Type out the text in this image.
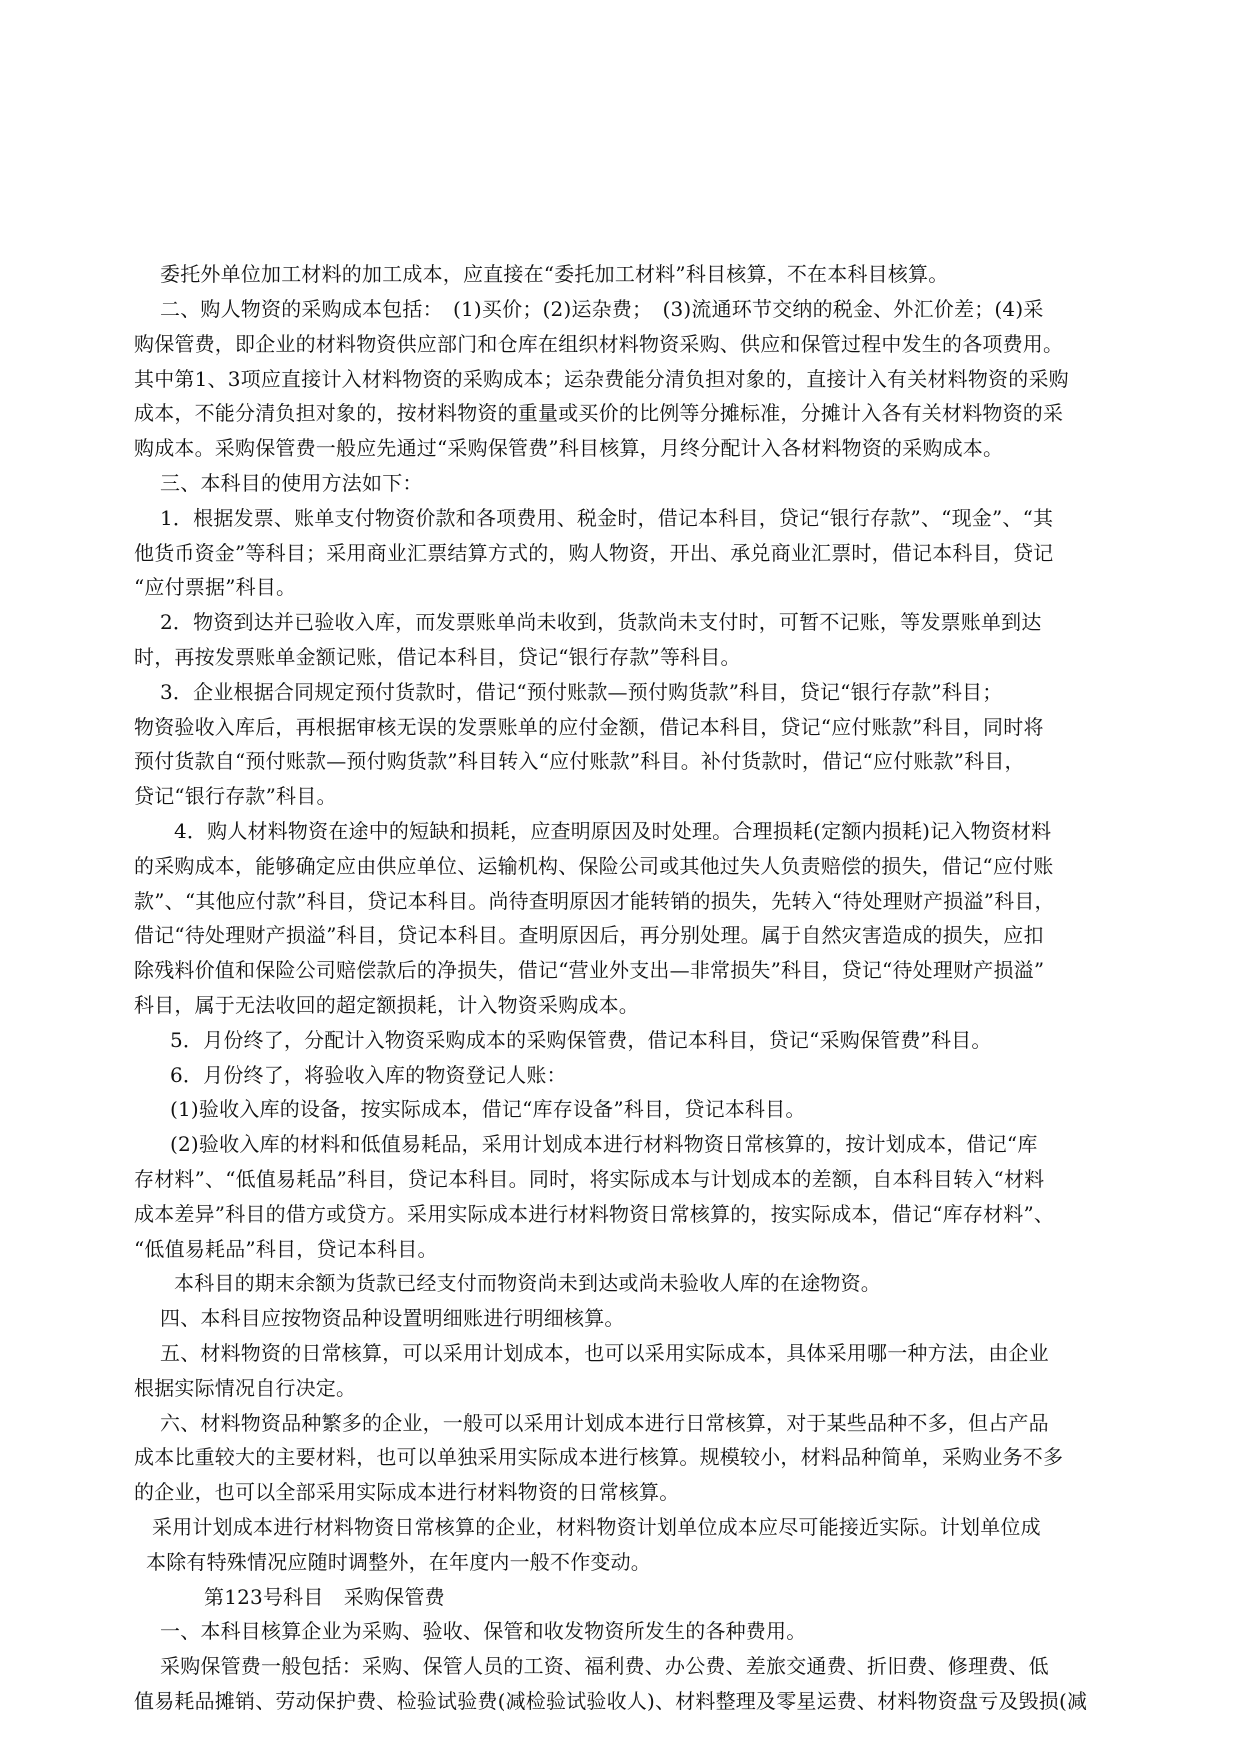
委托外单位加工材料的加工成本，应直接在“委托加工材料”科目核算，不在本科目核算。
二、购人物资的采购成本包括：　(1)买价；(2)运杂费；　(3)流通环节交纳的税金、外汇价差；(4)采
购保管费，即企业的材料物资供应部门和仓库在组织材料物资采购、供应和保管过程中发生的各项费用。
其中第1、3项应直接计入材料物资的采购成本；运杂费能分清负担对象的，直接计入有关材料物资的采购
成本，不能分清负担对象的，按材料物资的重量或买价的比例等分摊标准，分摊计入各有关材料物资的采
购成本。采购保管费一般应先通过“采购保管费”科目核算，月终分配计入各材料物资的采购成本。
三、本科目的使用方法如下：
1．根据发票、账单支付物资价款和各项费用、税金时，借记本科目，贷记“银行存款”、“现金”、“其
他货币资金”等科目；采用商业汇票结算方式的，购人物资，开出、承兑商业汇票时，借记本科目，贷记
“应付票据”科目。
2．物资到达并已验收入库，而发票账单尚未收到，货款尚未支付时，可暂不记账，等发票账单到达
时，再按发票账单金额记账，借记本科目，贷记“银行存款”等科目。
3．企业根据合同规定预付货款时，借记“预付账款—预付购货款”科目，贷记“银行存款”科目；
物资验收入库后，再根据审核无误的发票账单的应付金额，借记本科目，贷记“应付账款”科目，同时将
预付货款自“预付账款—预付购货款”科目转入“应付账款”科目。补付货款时，借记“应付账款”科目，
贷记“银行存款”科目。
4．购人材料物资在途中的短缺和损耗，应查明原因及时处理。合理损耗(定额内损耗)记入物资材料
的采购成本，能够确定应由供应单位、运输机构、保险公司或其他过失人负责赔偿的损失，借记“应付账
款”、“其他应付款”科目，贷记本科目。尚待查明原因才能转销的损失，先转入“待处理财产损溢”科目，
借记“待处理财产损溢”科目，贷记本科目。查明原因后，再分别处理。属于自然灾害造成的损失，应扣
除残料价值和保险公司赔偿款后的净损失，借记“营业外支出—非常损失”科目，贷记“待处理财产损溢”
科目，属于无法收回的超定额损耗，计入物资采购成本。
5．月份终了，分配计入物资采购成本的采购保管费，借记本科目，贷记“采购保管费”科目。
6．月份终了，将验收入库的物资登记人账：
(1)验收入库的设备，按实际成本，借记“库存设备”科目，贷记本科目。
(2)验收入库的材料和低值易耗品，采用计划成本进行材料物资日常核算的，按计划成本，借记“库
存材料”、“低值易耗品”科目，贷记本科目。同时，将实际成本与计划成本的差额，自本科目转入“材料
成本差异”科目的借方或贷方。采用实际成本进行材料物资日常核算的，按实际成本，借记“库存材料”、
“低值易耗品”科目，贷记本科目。
本科目的期末余额为货款已经支付而物资尚未到达或尚未验收人库的在途物资。
四、本科目应按物资品种设置明细账进行明细核算。
五、材料物资的日常核算，可以采用计划成本，也可以采用实际成本，具体采用哪一种方法，由企业
根据实际情况自行决定。
六、材料物资品种繁多的企业，一般可以采用计划成本进行日常核算，对于某些品种不多，但占产品
成本比重较大的主要材料，也可以单独采用实际成本进行核算。规模较小，材料品种简单，采购业务不多
的企业，也可以全部采用实际成本进行材料物资的日常核算。
采用计划成本进行材料物资日常核算的企业，材料物资计划单位成本应尽可能接近实际。计划单位成
本除有特殊情况应随时调整外，在年度内一般不作变动。
第123号科目　采购保管费
一、本科目核算企业为采购、验收、保管和收发物资所发生的各种费用。
采购保管费一般包括：采购、保管人员的工资、福利费、办公费、差旅交通费、折旧费、修理费、低
值易耗品摊销、劳动保护费、检验试验费(减检验试验收人)、材料整理及零星运费、材料物资盘亏及毁损(减
